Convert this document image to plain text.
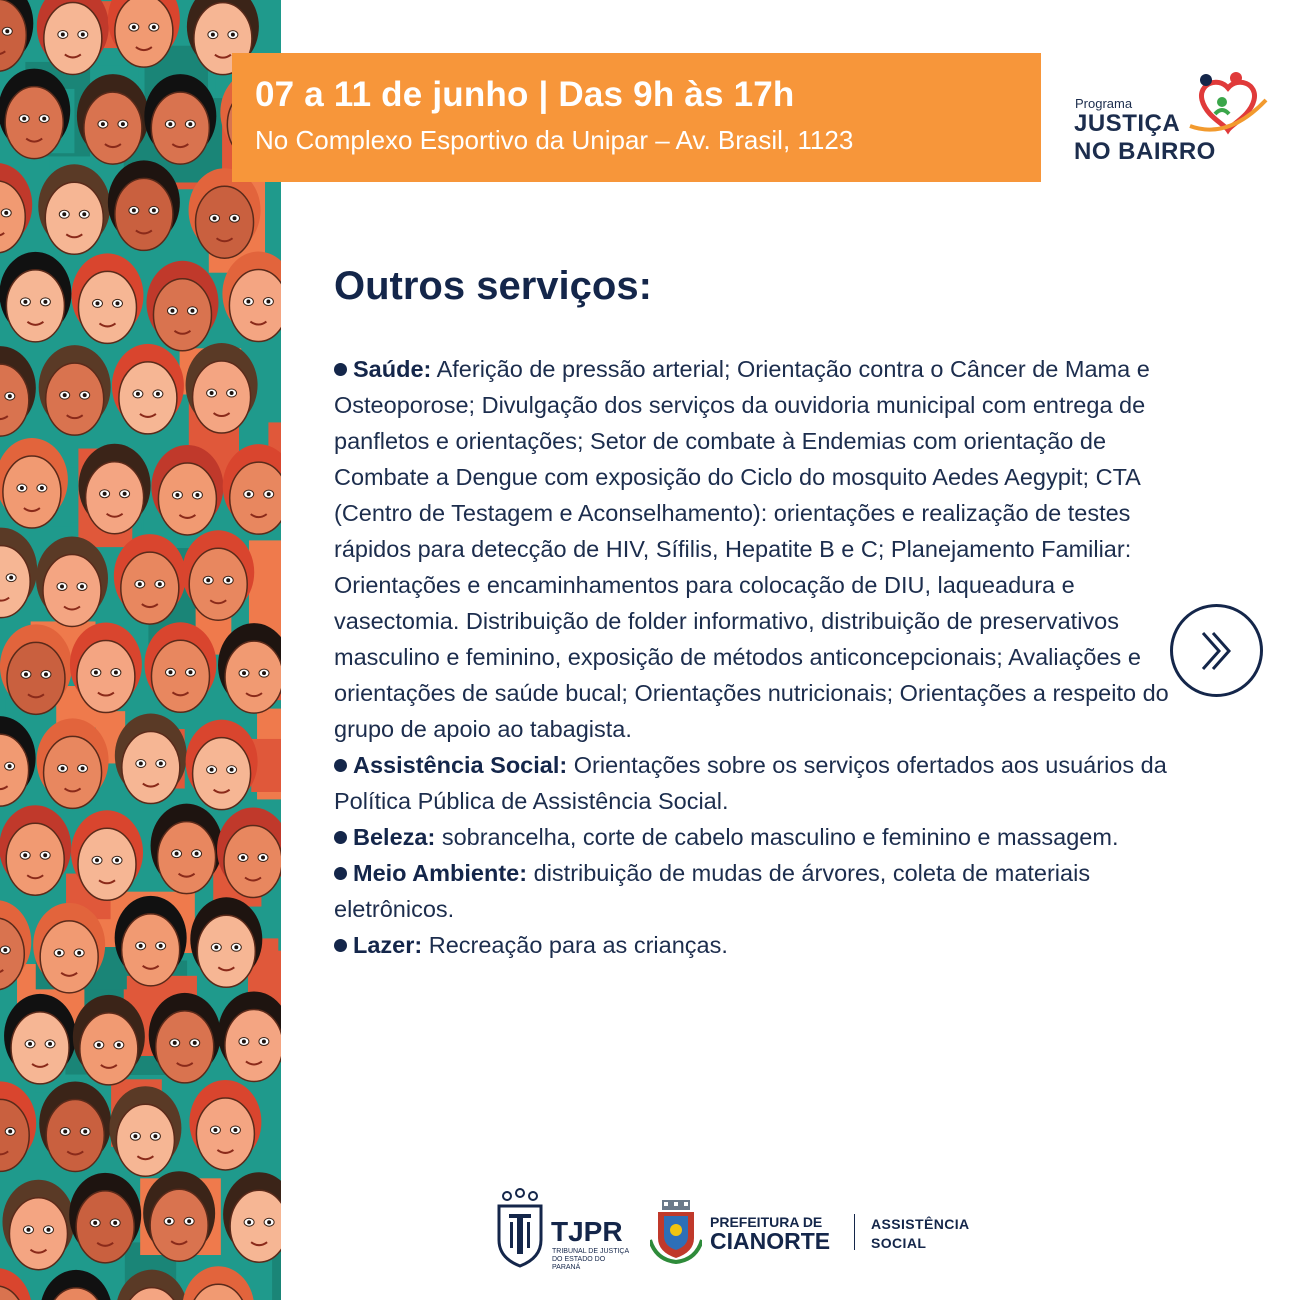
07 a 11 de junho | Das 9h às 17h
No Complexo Esportivo da Unipar – Av. Brasil, 1123
Programa
JUSTIÇA
NO BAIRRO
Outros serviços:

Saúde: Aferição de pressão arterial; Orientação contra o Câncer de Mama e Osteoporose; Divulgação dos serviços da ouvidoria municipal com entrega de panfletos e orientações; Setor de combate à Endemias com orientação de Combate a Dengue com exposição do Ciclo do mosquito Aedes Aegypit; CTA (Centro de Testagem e Aconselhamento): orientações e realização de testes rápidos para detecção de HIV, Sífilis, Hepatite B e C; Planejamento Familiar: Orientações e encaminhamentos para colocação de DIU, laqueadura e vasectomia. Distribuição de folder informativo, distribuição de preservativos masculino e feminino, exposição de métodos anticoncepcionais; Avaliações e orientações de saúde bucal; Orientações nutricionais; Orientações a respeito do grupo de apoio ao tabagista.

Assistência Social: Orientações sobre os serviços ofertados aos usuários da Política Pública de Assistência Social.

Beleza: sobrancelha, corte de cabelo masculino e feminino e massagem.

Meio Ambiente: distribuição de mudas de árvores, coleta de materiais eletrônicos.

Lazer: Recreação para as crianças.

TJPR
TRIBUNAL DE JUSTIÇA DO ESTADO DO PARANÁ
PREFEITURA DE
CIANORTE
ASSISTÊNCIA
SOCIAL
